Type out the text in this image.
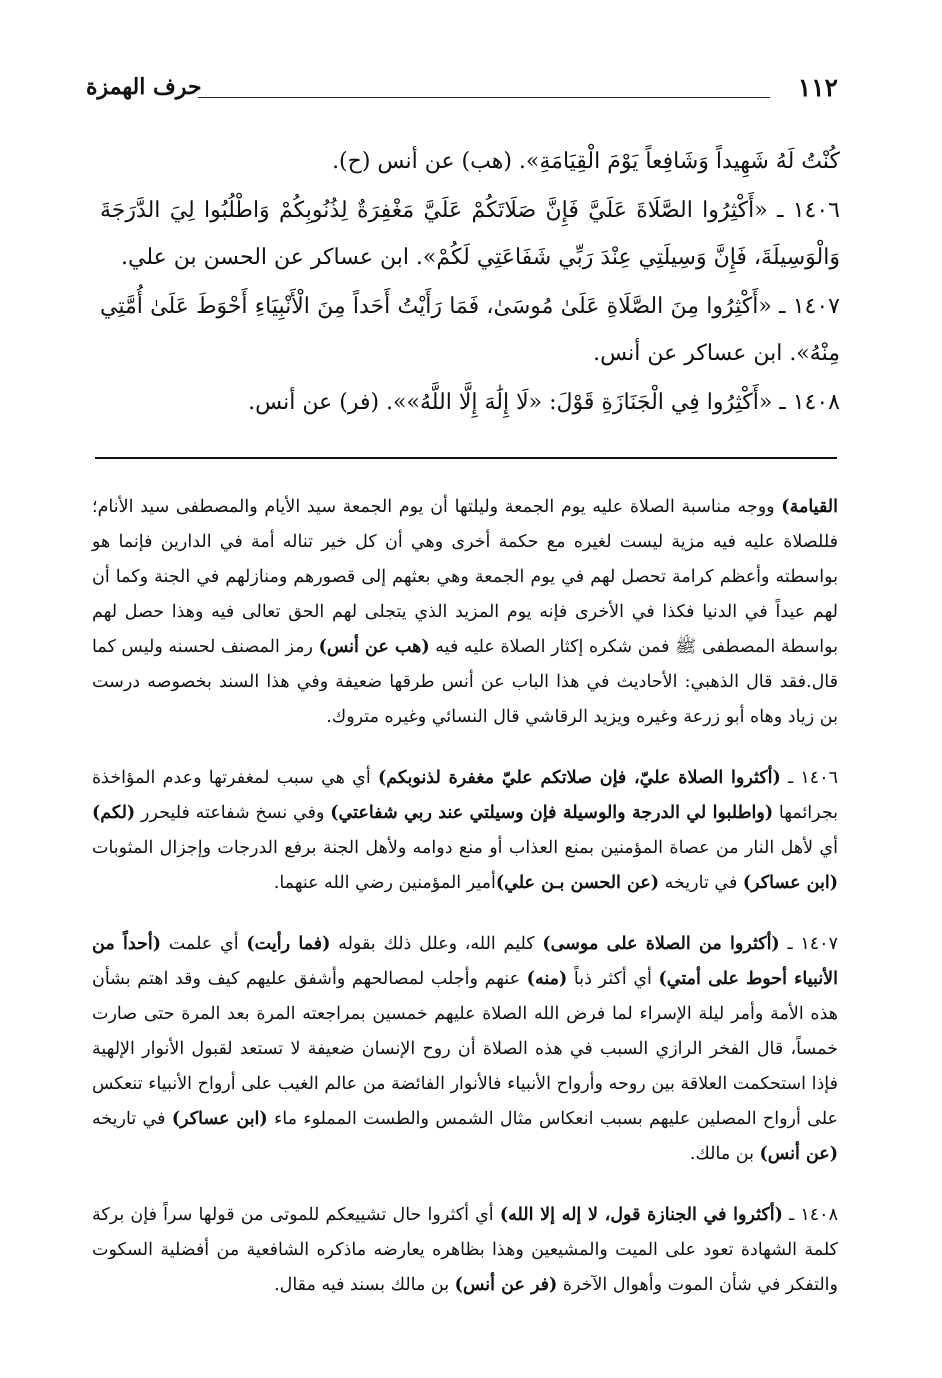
١١٢
حرف الهمزة

كُنْتُ لَهُ شَهِيداً وَشَافِعاً يَوْمَ الْقِيَامَةِ». (هب) عن أنس (ح).

١٤٠٦ ـ «أَكْثِرُوا الصَّلَاةَ عَلَيَّ فَإِنَّ صَلَاتَكُمْ عَلَيَّ مَغْفِرَةٌ لِذُنُوبِكُمْ وَاطْلُبُوا لِيَ الدَّرَجَةَ وَالْوَسِيلَةَ، فَإِنَّ وَسِيلَتِي عِنْدَ رَبِّي شَفَاعَتِي لَكُمْ». ابن عساكر عن الحسن بن علي.

١٤٠٧ ـ «أَكْثِرُوا مِنَ الصَّلَاةِ عَلَىٰ مُوسَىٰ، فَمَا رَأَيْتُ أَحَداً مِنَ الْأَنْبِيَاءِ أَحْوَطَ عَلَىٰ أُمَّتِي مِنْهُ». ابن عساكر عن أنس.

١٤٠٨ ـ «أَكْثِرُوا فِي الْجَنَازَةِ قَوْلَ: «لَا إِلَٰهَ إِلَّا اللَّهُ»». (فر) عن أنس.

القيامة) ووجه مناسبة الصلاة عليه يوم الجمعة وليلتها أن يوم الجمعة سيد الأيام والمصطفى سيد الأنام؛ فللصلاة عليه فيه مزية ليست لغيره مع حكمة أخرى وهي أن كل خير تناله أمة في الدارين فإنما هو بواسطته وأعظم كرامة تحصل لهم في يوم الجمعة وهي بعثهم إلى قصورهم ومنازلهم في الجنة وكما أن لهم عيداً في الدنيا فكذا في الأخرى فإنه يوم المزيد الذي يتجلى لهم الحق تعالى فيه وهذا حصل لهم بواسطة المصطفى ﷺ فمن شكره إكثار الصلاة عليه فيه (هب عن أنس) رمز المصنف لحسنه وليس كما قال.فقد قال الذهبي: الأحاديث في هذا الباب عن أنس طرقها ضعيفة وفي هذا السند بخصوصه درست بن زياد وهاه أبو زرعة وغيره ويزيد الرقاشي قال النسائي وغيره متروك.

١٤٠٦ ـ (أكثروا الصلاة عليّ، فإن صلاتكم عليّ مغفرة لذنوبكم) أي هي سبب لمغفرتها وعدم المؤاخذة بجرائمها (واطلبوا لي الدرجة والوسيلة فإن وسيلتي عند ربي شفاعتي) وفي نسخ شفاعته فليحرر (لكم) أي لأهل النار من عصاة المؤمنين بمنع العذاب أو منع دوامه ولأهل الجنة برفع الدرجات وإجزال المثوبات (ابن عساكر) في تاريخه (عن الحسن بـن علي)أمير المؤمنين رضي الله عنهما.

١٤٠٧ ـ (أكثروا من الصلاة على موسى) كليم الله، وعلل ذلك بقوله (فما رأيت) أي علمت (أحداً من الأنبياء أحوط على أمتي) أي أكثر ذباً (منه) عنهم وأجلب لمصالحهم وأشفق عليهم كيف وقد اهتم بشأن هذه الأمة وأمر ليلة الإسراء لما فرض الله الصلاة عليهم خمسين بمراجعته المرة بعد المرة حتى صارت خمساً، قال الفخر الرازي السبب في هذه الصلاة أن روح الإنسان ضعيفة لا تستعد لقبول الأنوار الإلهية فإذا استحكمت العلاقة بين روحه وأرواح الأنبياء فالأنوار الفائضة من عالم الغيب على أرواح الأنبياء تنعكس على أرواح المصلين عليهم بسبب انعكاس مثال الشمس والطست المملوء ماء (ابن عساكر) في تاريخه (عن أنس) بن مالك.

١٤٠٨ ـ (أكثروا في الجنازة قول، لا إله إلا الله) أي أكثروا حال تشييعكم للموتى من قولها سراً فإن بركة كلمة الشهادة تعود على الميت والمشيعين وهذا بظاهره يعارضه ماذكره الشافعية من أفضلية السكوت والتفكر في شأن الموت وأهوال الآخرة (فر عن أنس) بن مالك بسند فيه مقال.
